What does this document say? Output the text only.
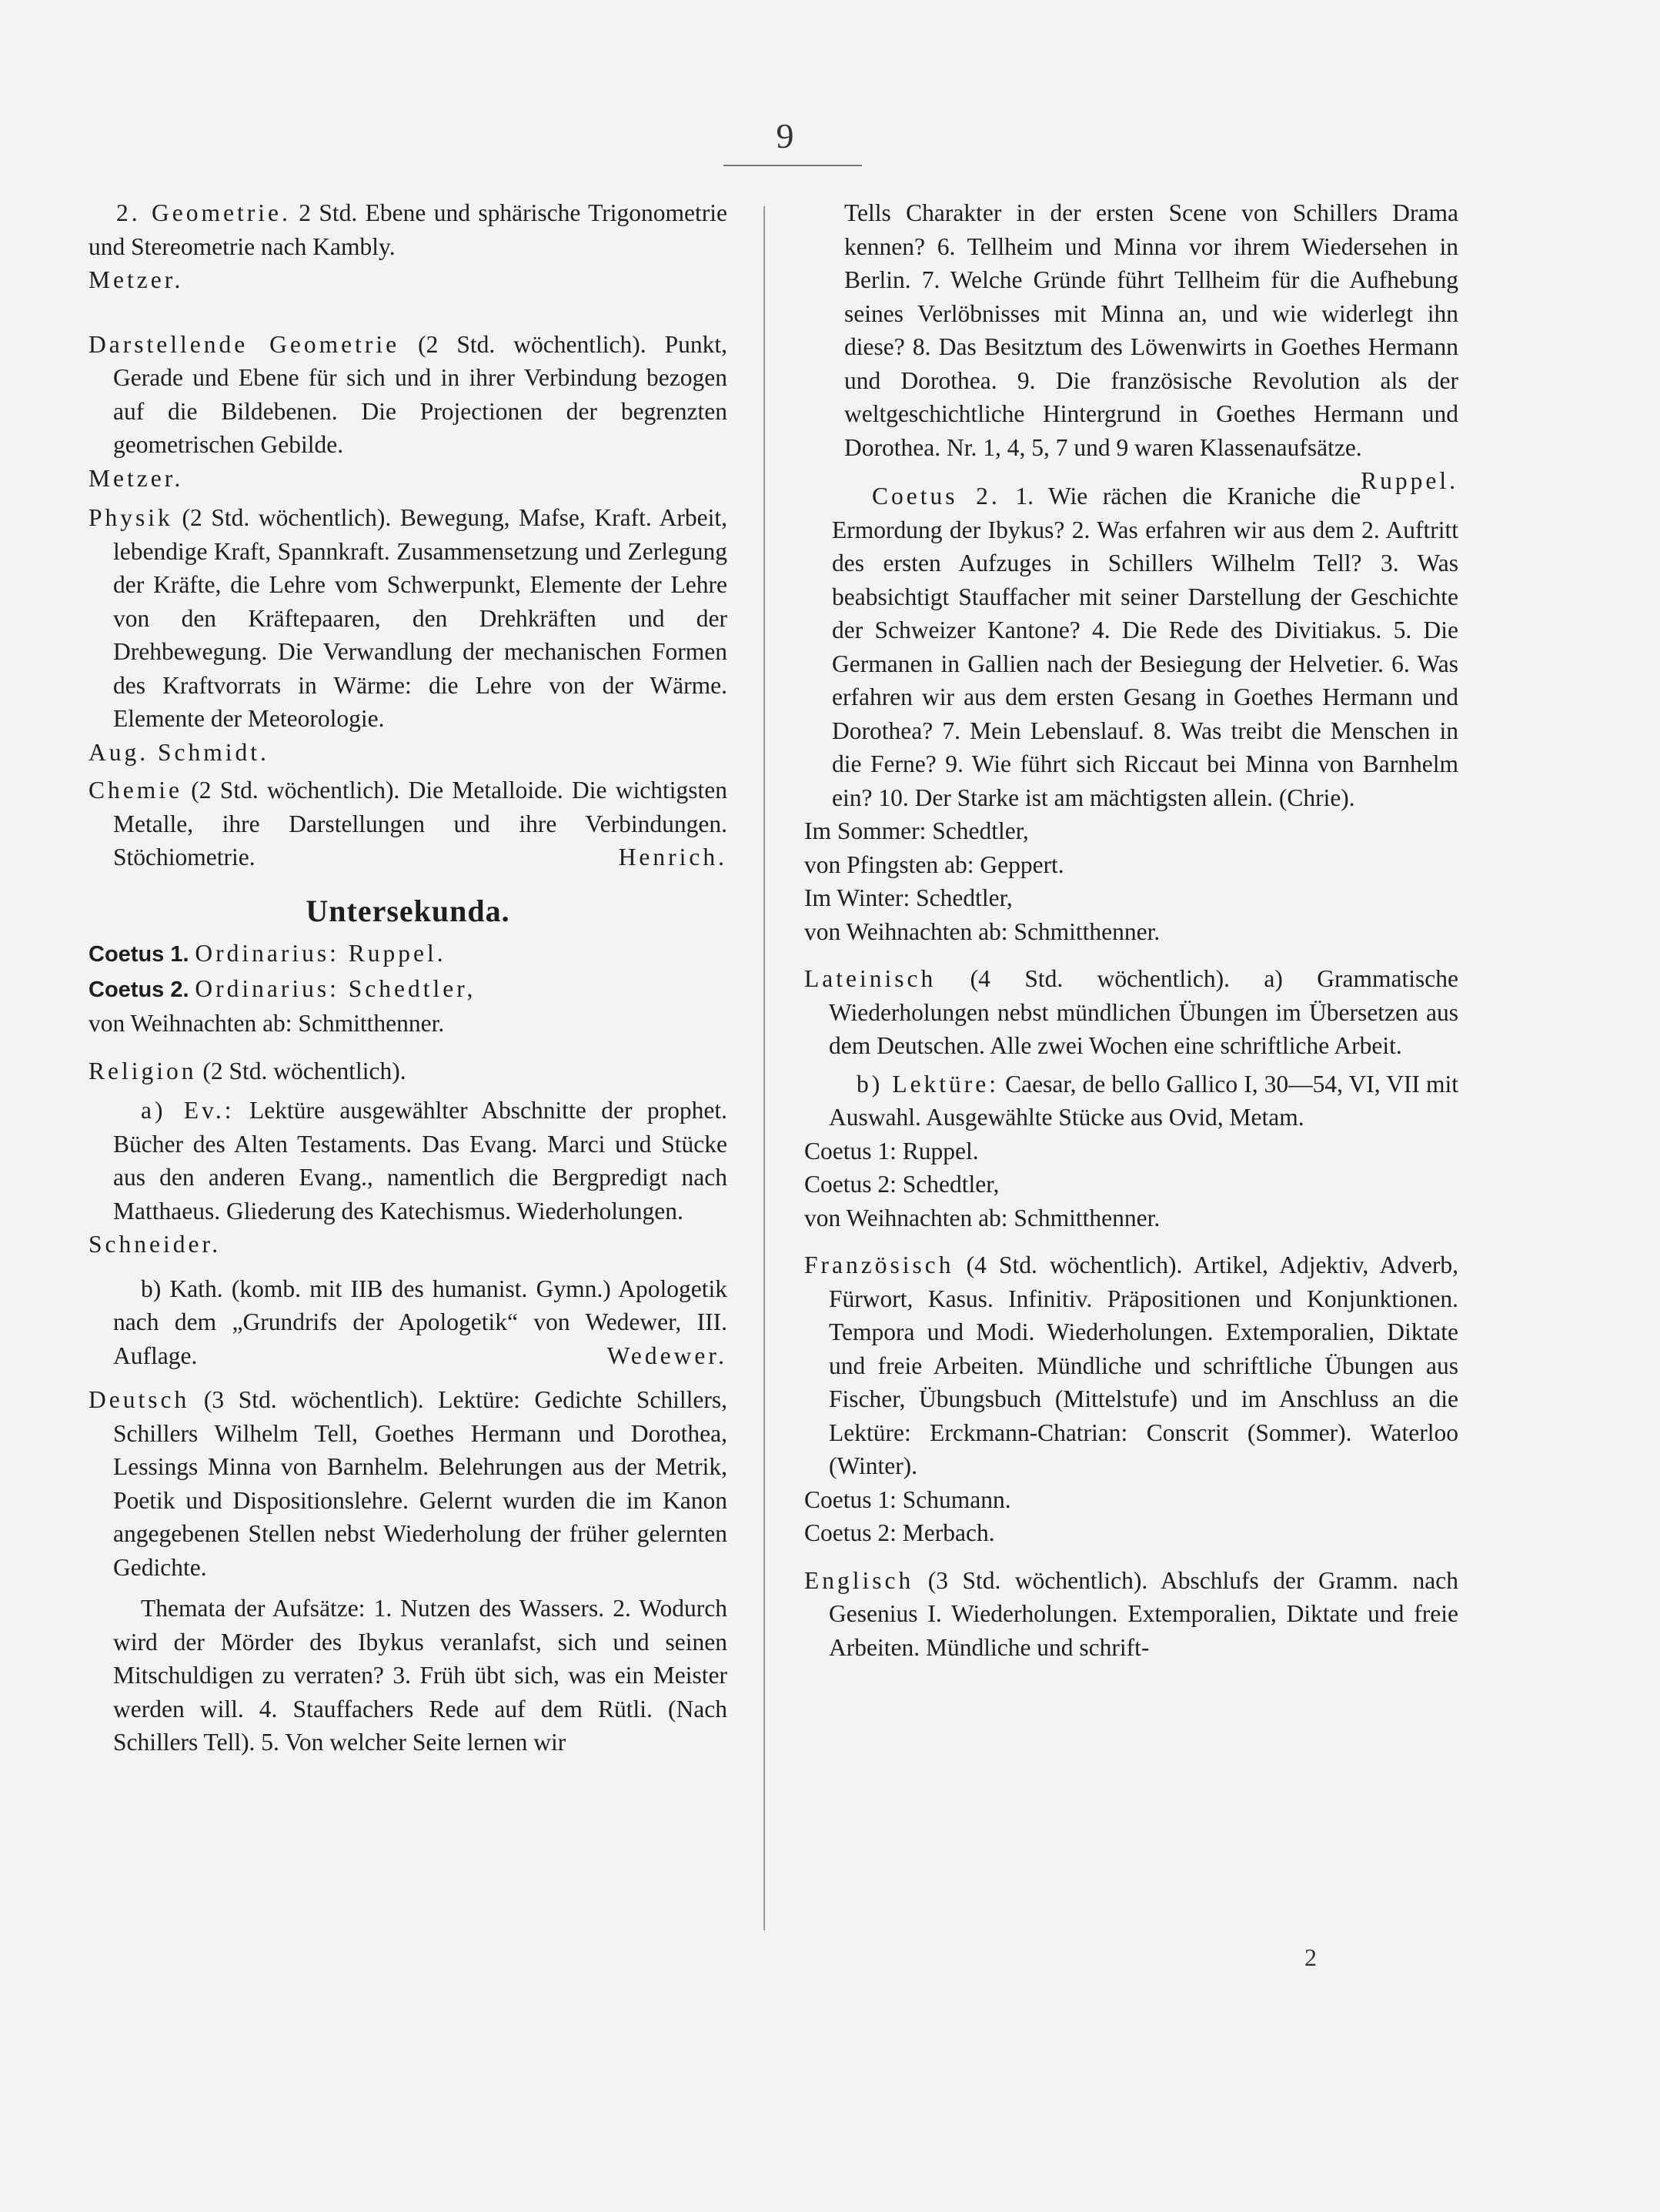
9

2. Geometrie. 2 Std. Ebene und sphärische Trigonometrie und Stereometrie nach Kambly.

Metzer.

Darstellende Geometrie (2 Std. wöchentlich). Punkt, Gerade und Ebene für sich und in ihrer Verbindung bezogen auf die Bildebenen. Die Projectionen der begrenzten geometrischen Gebilde.

Metzer.

Physik (2 Std. wöchentlich). Bewegung, Mafse, Kraft. Arbeit, lebendige Kraft, Spannkraft. Zusammensetzung und Zerlegung der Kräfte, die Lehre vom Schwerpunkt, Elemente der Lehre von den Kräftepaaren, den Drehkräften und der Drehbewegung. Die Verwandlung der mechanischen Formen des Kraftvorrats in Wärme: die Lehre von der Wärme. Elemente der Meteorologie.

Aug. Schmidt.

Chemie (2 Std. wöchentlich). Die Metalloide. Die wichtigsten Metalle, ihre Darstellungen und ihre Verbindungen. Stöchiometrie.	Henrich.

Untersekunda.

Coetus 1. Ordinarius: Ruppel.

Coetus 2. Ordinarius: Schedtler,

von Weihnachten ab: Schmitthenner.

Religion (2 Std. wöchentlich).

a) Ev.: Lektüre ausgewählter Abschnitte der prophet. Bücher des Alten Testaments. Das Evang. Marci und Stücke aus den anderen Evang., namentlich die Bergpredigt nach Matthaeus. Gliederung des Katechismus. Wiederholungen.

Schneider.

b) Kath. (komb. mit IIB des humanist. Gymn.) Apologetik nach dem „Grundrifs der Apologetik“ von Wedewer, III. Auflage.	Wedewer.

Deutsch (3 Std. wöchentlich). Lektüre: Gedichte Schillers, Schillers Wilhelm Tell, Goethes Hermann und Dorothea, Lessings Minna von Barnhelm. Belehrungen aus der Metrik, Poetik und Dispositionslehre. Gelernt wurden die im Kanon angegebenen Stellen nebst Wiederholung der früher gelernten Gedichte.

Themata der Aufsätze: 1. Nutzen des Wassers. 2. Wodurch wird der Mörder des Ibykus veranlafst, sich und seinen Mitschuldigen zu verraten? 3. Früh übt sich, was ein Meister werden will. 4. Stauffachers Rede auf dem Rütli. (Nach Schillers Tell). 5. Von welcher Seite lernen wir

Tells Charakter in der ersten Scene von Schillers Drama kennen? 6. Tellheim und Minna vor ihrem Wiedersehen in Berlin. 7. Welche Gründe führt Tellheim für die Aufhebung seines Verlöbnisses mit Minna an, und wie widerlegt ihn diese? 8. Das Besitztum des Löwenwirts in Goethes Hermann und Dorothea. 9. Die französische Revolution als der weltgeschichtliche Hintergrund in Goethes Hermann und Dorothea. Nr. 1, 4, 5, 7 und 9 waren Klassenaufsätze.
Ruppel.

Coetus 2. 1. Wie rächen die Kraniche die Ermordung der Ibykus? 2. Was erfahren wir aus dem 2. Auftritt des ersten Aufzuges in Schillers Wilhelm Tell? 3. Was beabsichtigt Stauffacher mit seiner Darstellung der Geschichte der Schweizer Kantone? 4. Die Rede des Divitiakus. 5. Die Germanen in Gallien nach der Besiegung der Helvetier. 6. Was erfahren wir aus dem ersten Gesang in Goethes Hermann und Dorothea? 7. Mein Lebenslauf. 8. Was treibt die Menschen in die Ferne? 9. Wie führt sich Riccaut bei Minna von Barnhelm ein? 10. Der Starke ist am mächtigsten allein. (Chrie).

Im Sommer: Schedtler,

von Pfingsten ab: Geppert.

Im Winter: Schedtler,

von Weihnachten ab: Schmitthenner.

Lateinisch (4 Std. wöchentlich). a) Grammatische Wiederholungen nebst mündlichen Übungen im Übersetzen aus dem Deutschen. Alle zwei Wochen eine schriftliche Arbeit.

b) Lektüre: Caesar, de bello Gallico I, 30—54, VI, VII mit Auswahl. Ausgewählte Stücke aus Ovid, Metam.

Coetus 1: Ruppel.

Coetus 2: Schedtler,

von Weihnachten ab: Schmitthenner.

Französisch (4 Std. wöchentlich). Artikel, Adjektiv, Adverb, Fürwort, Kasus. Infinitiv. Präpositionen und Konjunktionen. Tempora und Modi. Wiederholungen. Extemporalien, Diktate und freie Arbeiten. Mündliche und schriftliche Übungen aus Fischer, Übungsbuch (Mittelstufe) und im Anschluss an die Lektüre: Erckmann-Chatrian: Conscrit (Sommer). Waterloo (Winter).

Coetus 1: Schumann.

Coetus 2: Merbach.

Englisch (3 Std. wöchentlich). Abschlufs der Gramm. nach Gesenius I. Wiederholungen. Extemporalien, Diktate und freie Arbeiten. Mündliche und schrift-

2
